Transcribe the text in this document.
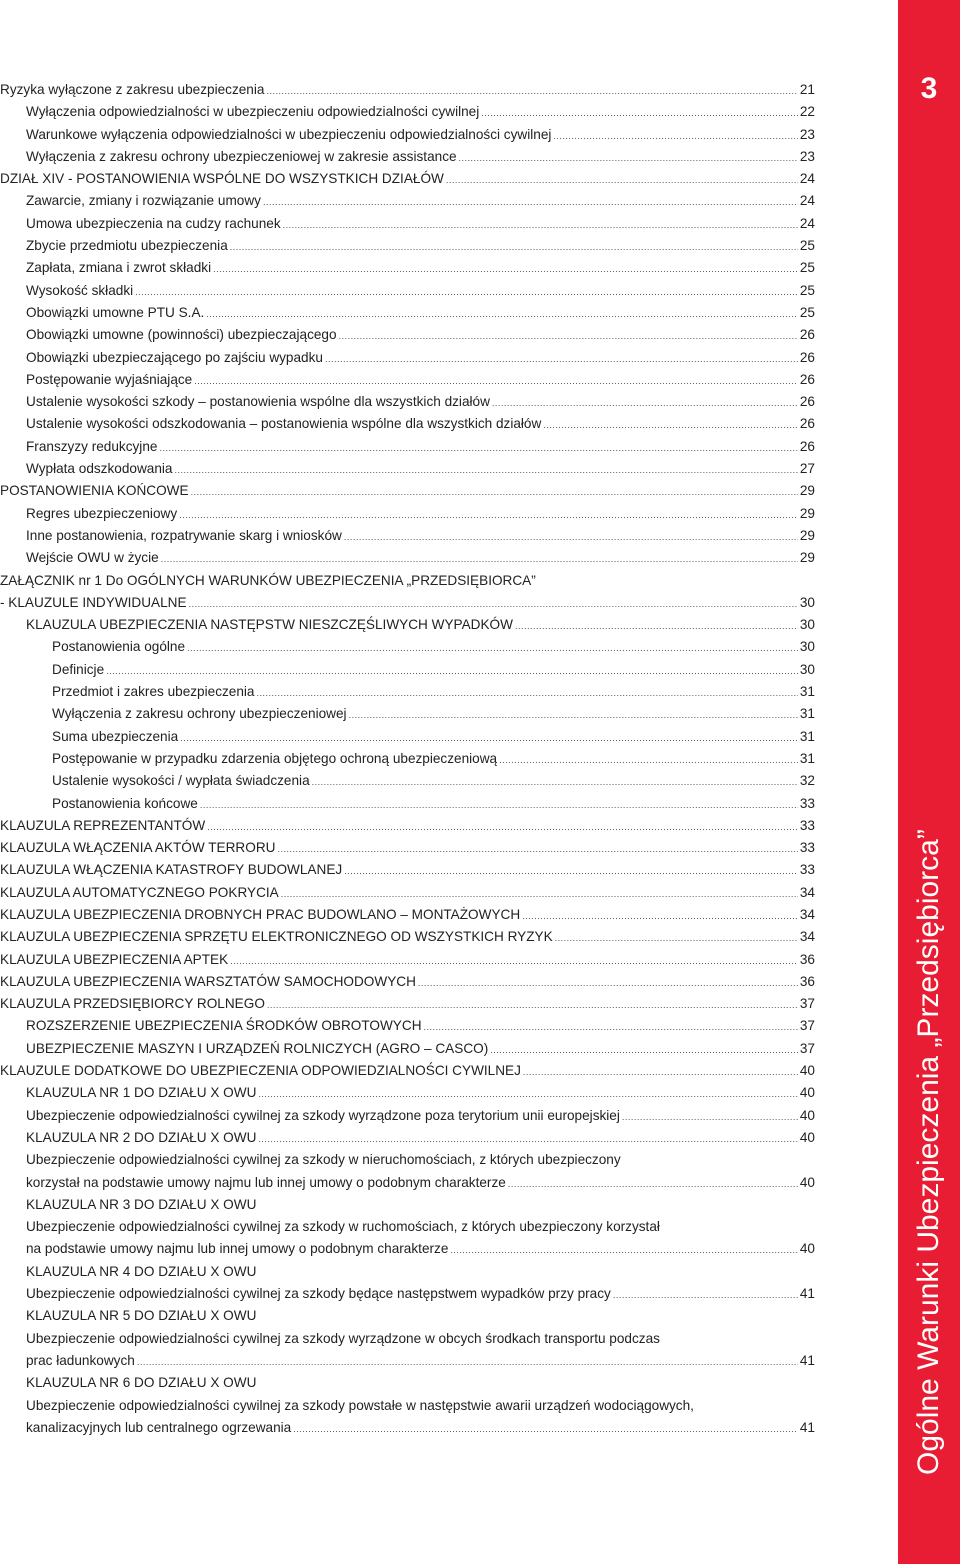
Ryzyka wyłączone z zakresu ubezpieczenia .....	21
Wyłączenia odpowiedzialności w ubezpieczeniu odpowiedzialności cywilnej .....	22
Warunkowe wyłączenia odpowiedzialności w ubezpieczeniu odpowiedzialności cywilnej .....	23
Wyłączenia z zakresu ochrony ubezpieczeniowej w zakresie assistance .....	23
DZIAŁ XIV - POSTANOWIENIA WSPÓLNE DO WSZYSTKICH DZIAŁÓW .....	24
Zawarcie, zmiany i rozwiązanie umowy .....	24
Umowa ubezpieczenia na cudzy rachunek .....	24
Zbycie przedmiotu ubezpieczenia .....	25
Zapłata, zmiana i zwrot składki .....	25
Wysokość składki .....	25
Obowiązki umowne PTU S.A. .....	25
Obowiązki umowne (powinności) ubezpieczającego .....	26
Obowiązki ubezpieczającego po zajściu wypadku .....	26
Postępowanie wyjaśniające .....	26
Ustalenie wysokości szkody – postanowienia wspólne dla wszystkich działów .....	26
Ustalenie wysokości odszkodowania – postanowienia wspólne dla wszystkich działów .....	26
Franszyzy redukcyjne .....	26
Wypłata odszkodowania .....	27
POSTANOWIENIA KOŃCOWE .....	29
Regres ubezpieczeniowy .....	29
Inne postanowienia, rozpatrywanie skarg i wniosków .....	29
Wejście OWU w życie .....	29
ZAŁĄCZNIK nr 1 Do OGÓLNYCH WARUNKÓW UBEZPIECZENIA „PRZEDSIĘBIORCA”
- KLAUZULE INDYWIDUALNE .....	30
KLAUZULA UBEZPIECZENIA NASTĘPSTW NIESZCZĘŚLIWYCH WYPADKÓW .....	30
Postanowienia ogólne .....	30
Definicje .....	30
Przedmiot i zakres ubezpieczenia .....	31
Wyłączenia z zakresu ochrony ubezpieczeniowej .....	31
Suma ubezpieczenia .....	31
Postępowanie w przypadku zdarzenia objętego ochroną ubezpieczeniową .....	31
Ustalenie wysokości / wypłata świadczenia .....	32
Postanowienia końcowe .....	33
KLAUZULA REPREZENTANTÓW .....	33
KLAUZULA WŁĄCZENIA AKTÓW TERRORU .....	33
KLAUZULA WŁĄCZENIA KATASTROFY BUDOWLANEJ .....	33
KLAUZULA AUTOMATYCZNEGO POKRYCIA .....	34
KLAUZULA UBEZPIECZENIA DROBNYCH PRAC BUDOWLANO – MONTAŻOWYCH .....	34
KLAUZULA UBEZPIECZENIA SPRZĘTU ELEKTRONICZNEGO OD WSZYSTKICH RYZYK .....	34
KLAUZULA UBEZPIECZENIA APTEK .....	36
KLAUZULA UBEZPIECZENIA WARSZTATÓW SAMOCHODOWYCH .....	36
KLAUZULA PRZEDSIĘBIORCY ROLNEGO .....	37
ROZSZERZENIE UBEZPIECZENIA ŚRODKÓW OBROTOWYCH .....	37
UBEZPIECZENIE MASZYN I URZĄDZEŃ ROLNICZYCH (AGRO – CASCO) .....	37
KLAUZULE DODATKOWE DO UBEZPIECZENIA ODPOWIEDZIALNOŚCI CYWILNEJ .....	40
KLAUZULA NR 1 DO DZIAŁU X OWU .....	40
Ubezpieczenie odpowiedzialności cywilnej za szkody wyrządzone poza terytorium unii europejskiej .....	40
KLAUZULA NR 2 DO DZIAŁU X OWU .....	40
Ubezpieczenie odpowiedzialności cywilnej za szkody w nieruchomościach, z których ubezpieczony
korzystał na podstawie umowy najmu lub innej umowy o podobnym charakterze .....	40
KLAUZULA NR 3 DO DZIAŁU X OWU
Ubezpieczenie odpowiedzialności cywilnej za szkody w ruchomościach, z których ubezpieczony korzystał
na podstawie umowy najmu lub innej umowy o podobnym charakterze .....	40
KLAUZULA NR 4 DO DZIAŁU X OWU
Ubezpieczenie odpowiedzialności cywilnej za szkody będące następstwem wypadków przy pracy .....	41
KLAUZULA NR 5 DO DZIAŁU X OWU
Ubezpieczenie odpowiedzialności cywilnej za szkody wyrządzone w obcych środkach transportu podczas
prac ładunkowych .....	41
KLAUZULA NR 6 DO DZIAŁU X OWU
Ubezpieczenie odpowiedzialności cywilnej za szkody powstałe w następstwie awarii urządzeń wodociągowych,
kanalizacyjnych lub centralnego ogrzewania .....	41
3
Ogólne Warunki Ubezpieczenia „Przedsiębiorca”
